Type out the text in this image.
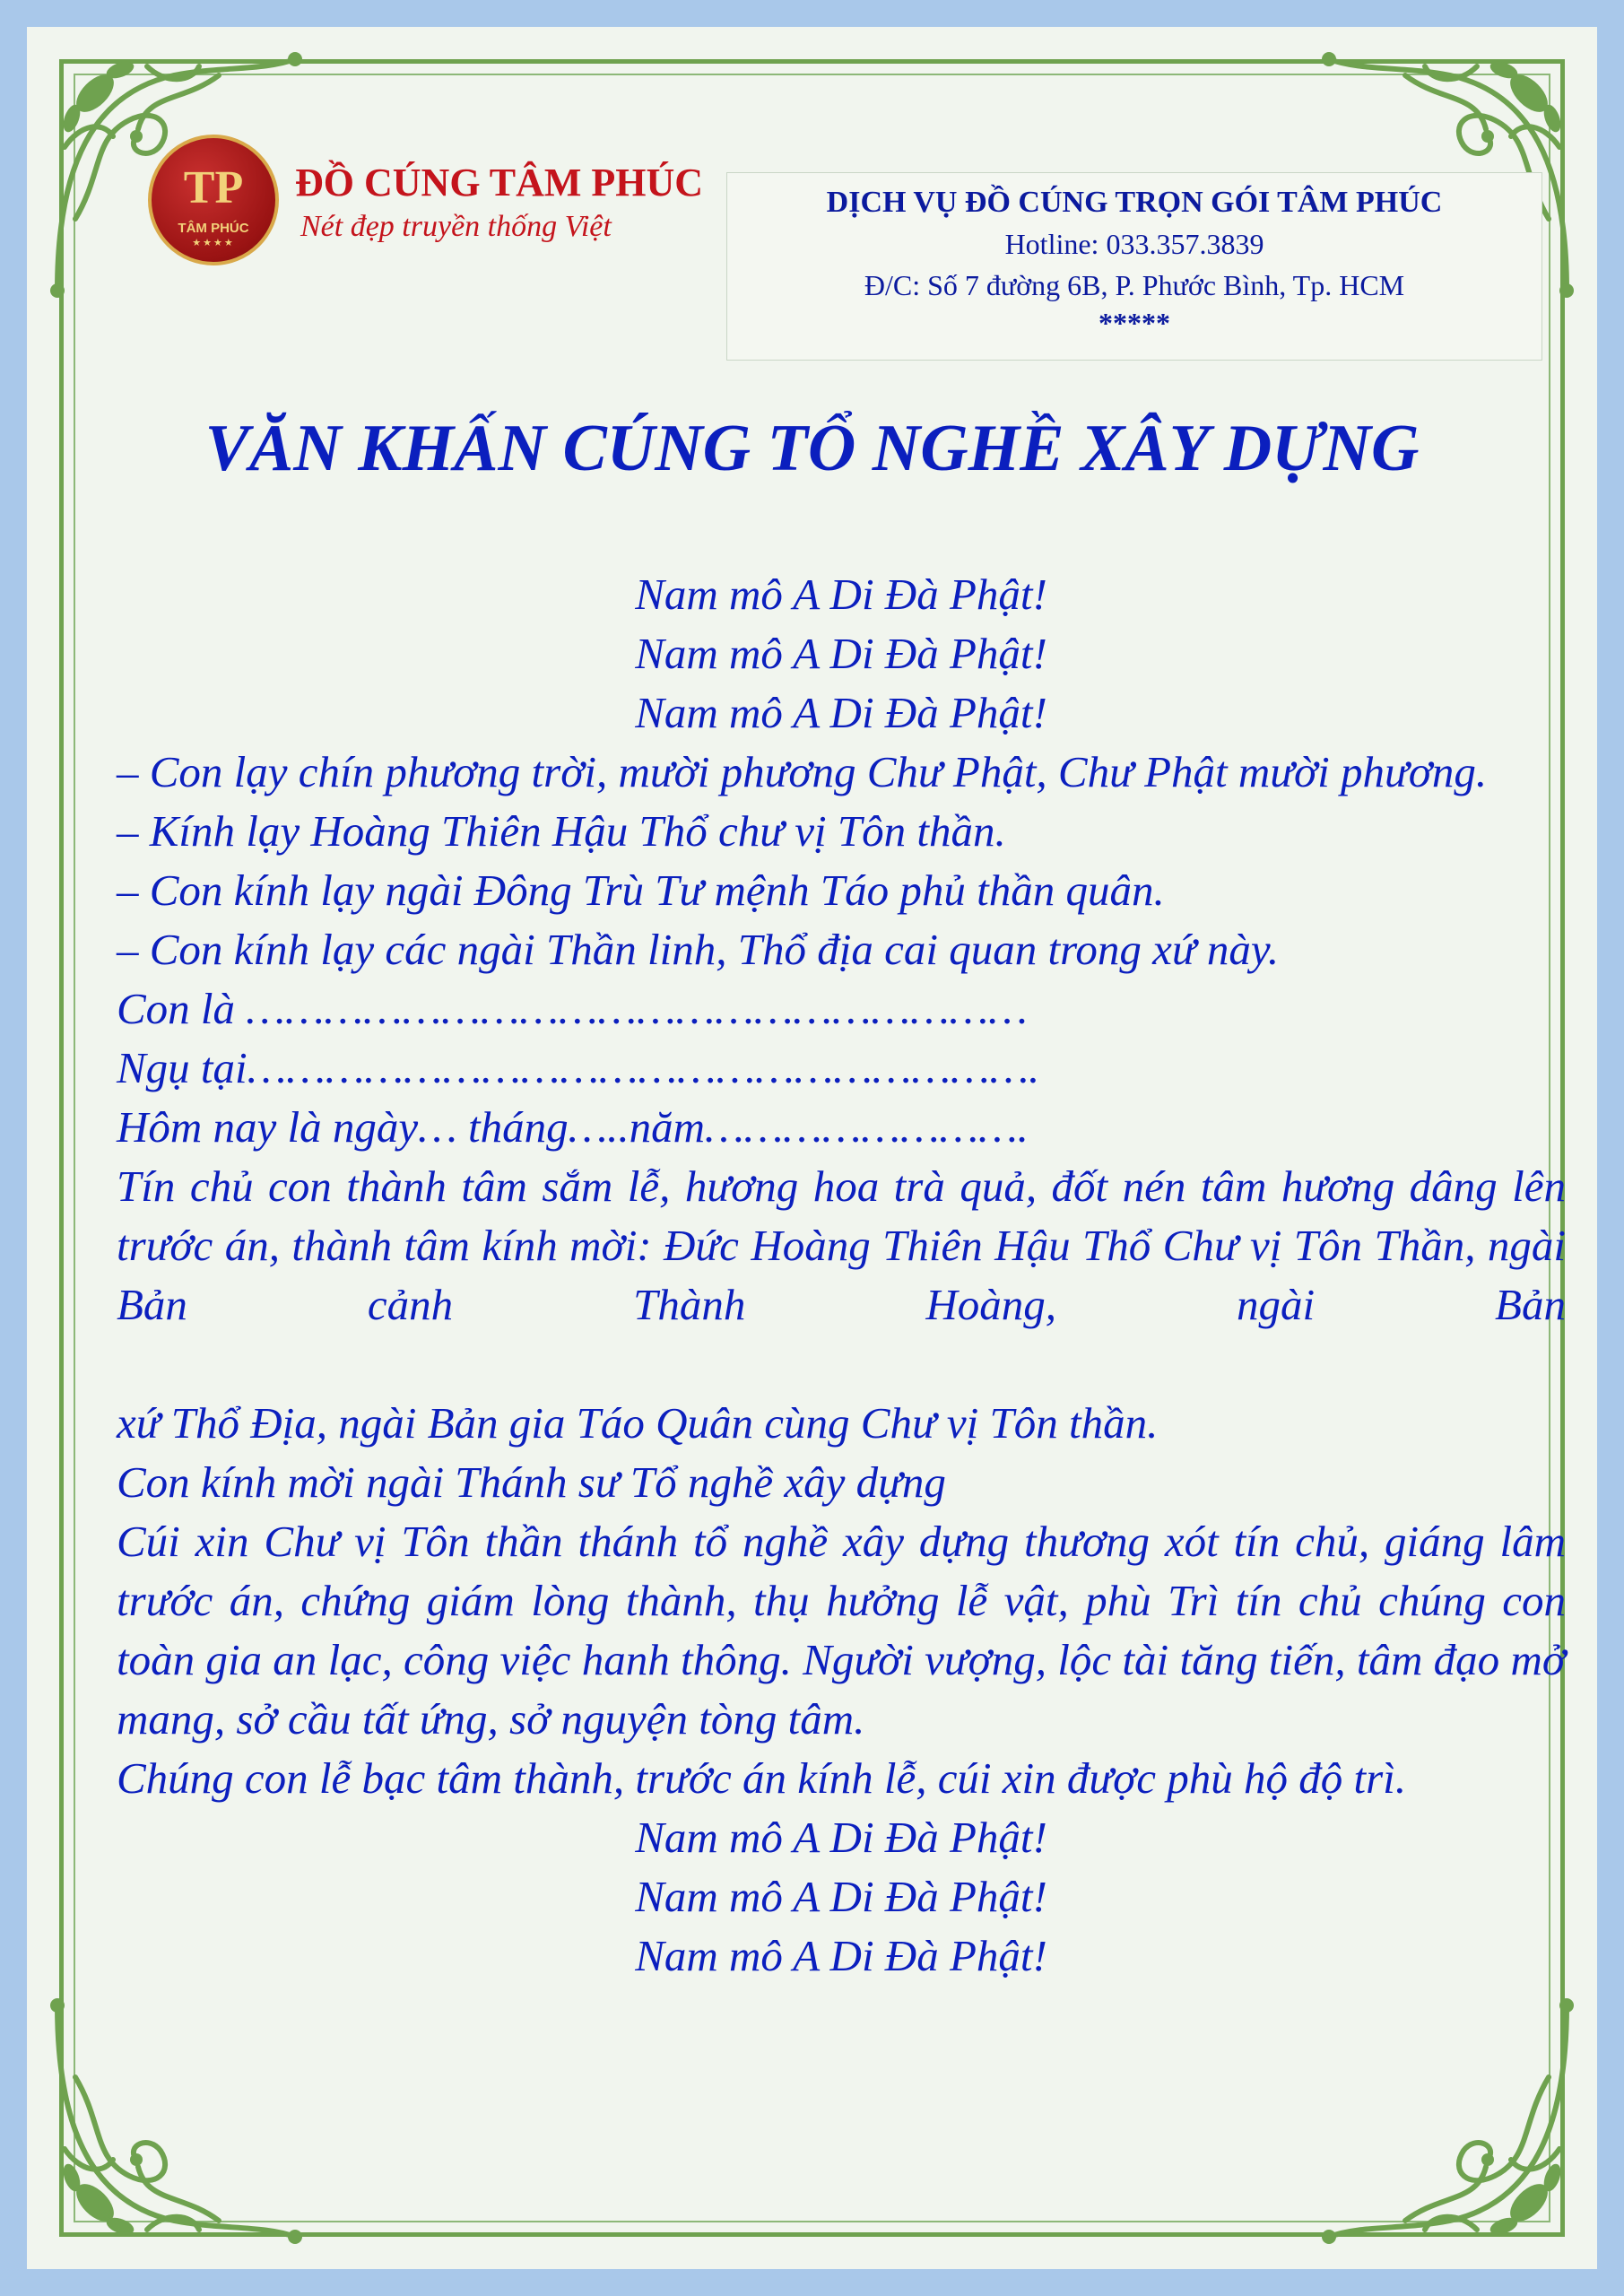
TP
TÂM PHÚC
★★★★
ĐỒ CÚNG TÂM PHÚC
Nét đẹp truyền thống Việt
DỊCH VỤ ĐỒ CÚNG TRỌN GÓI TÂM PHÚC
Hotline: 033.357.3839
Đ/C: Số 7 đường 6B, P. Phước Bình, Tp. HCM
*****
VĂN KHẤN CÚNG TỔ NGHỀ XÂY DỰNG

Nam mô A Di Đà Phật!

Nam mô A Di Đà Phật!

Nam mô A Di Đà Phật!

– Con lạy chín phương trời, mười phương Chư Phật, Chư Phật mười phương.

– Kính lạy Hoàng Thiên Hậu Thổ chư vị Tôn thần.

– Con kính lạy ngài Đông Trù Tư mệnh Táo phủ thần quân.

– Con kính lạy các ngài Thần linh, Thổ địa cai quan trong xứ này.

Con là ……………………………………………………

Ngụ tại…………………………………………………….

Hôm nay là ngày… tháng…..năm…………………….

Tín chủ con thành tâm sắm lễ, hương hoa trà quả, đốt nén tâm hương dâng lên trước án, thành tâm kính mời: Đức Hoàng Thiên Hậu Thổ Chư vị Tôn Thần, ngài Bản cảnh Thành Hoàng, ngài Bản

xứ Thổ Địa, ngài Bản gia Táo Quân cùng Chư vị Tôn thần.

Con kính mời ngài Thánh sư Tổ nghề xây dựng

Cúi xin Chư vị Tôn thần thánh tổ nghề xây dựng thương xót tín chủ, giáng lâm trước án, chứng giám lòng thành, thụ hưởng lễ vật, phù Trì tín chủ chúng con toàn gia an lạc, công việc hanh thông. Người vượng, lộc tài tăng tiến, tâm đạo mở mang, sở cầu tất ứng, sở nguyện tòng tâm.

Chúng con lễ bạc tâm thành, trước án kính lễ, cúi xin được phù hộ độ trì.

Nam mô A Di Đà Phật!

Nam mô A Di Đà Phật!

Nam mô A Di Đà Phật!
